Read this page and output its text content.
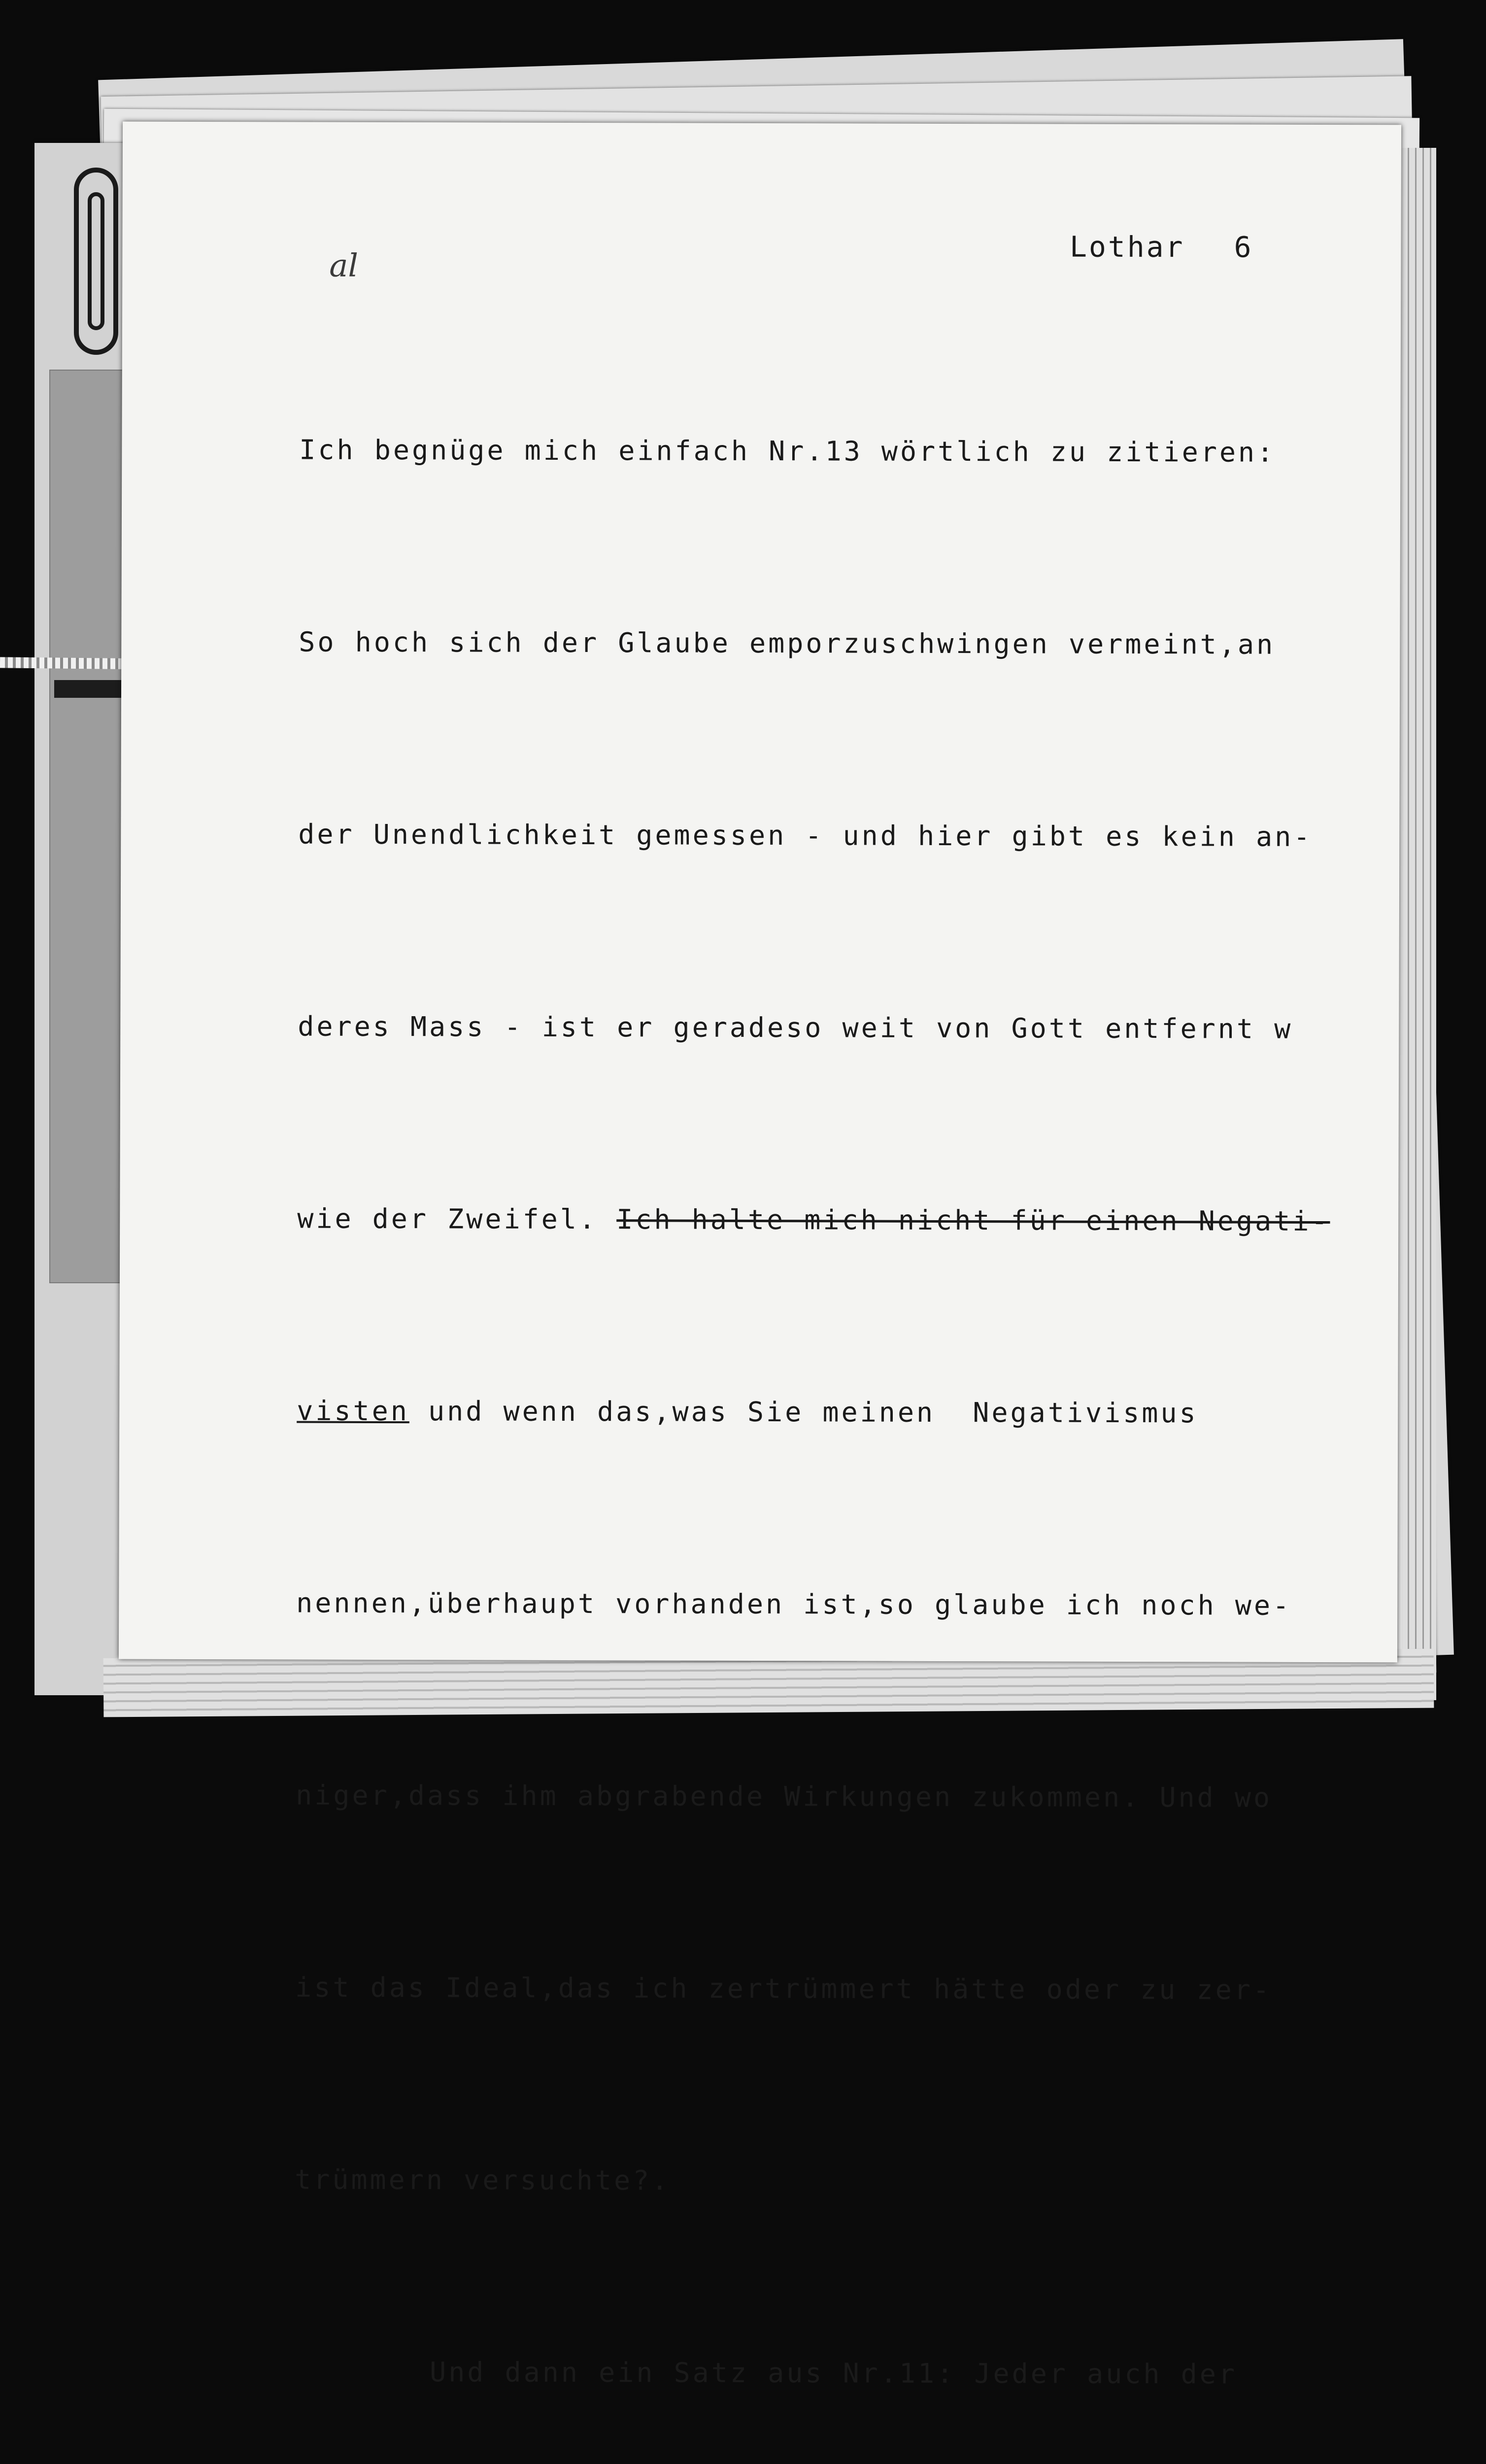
Lothar 6
al

Ich begnüge mich einfach Nr.13 wörtlich zu zitieren:

So hoch sich der Glaube emporzuschwingen vermeint,an

der Unendlichkeit gemessen - und hier gibt es kein an-

deres Mass - ist er geradeso weit von Gott entfernt w

wie der Zweifel. Ich halte mich nicht für einen Negati-

visten und wenn das,was Sie meinen  Negativismus

nennen,überhaupt vorhanden ist,so glaube ich noch we-

niger,dass ihm abgrabende Wirkungen zukommen. Und wo

ist das Ideal,das ich zertrümmert hätte oder zu zer-

trümmern versuchte?.

Und dann ein Satz aus Nr.11: Jeder auch der
